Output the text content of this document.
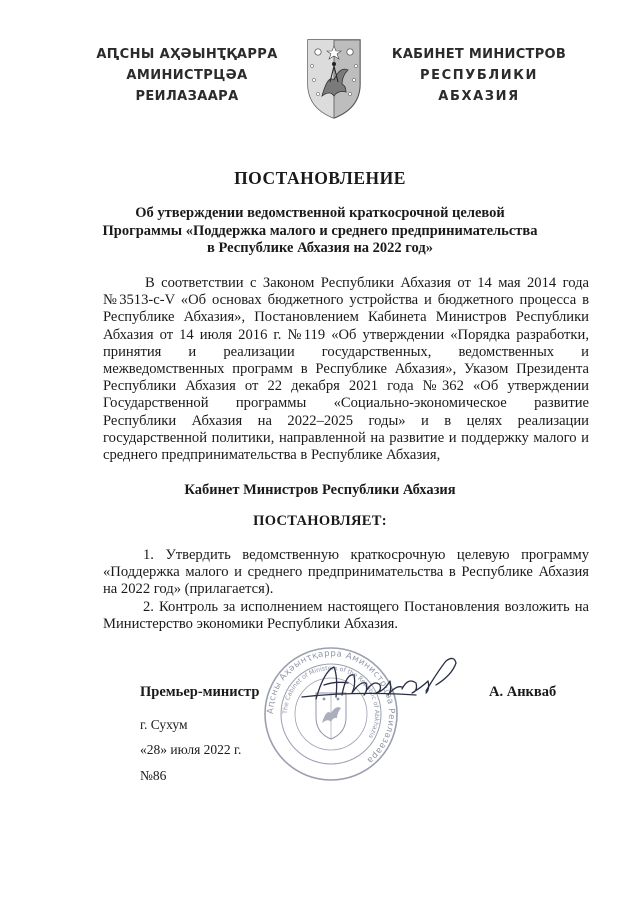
АԤСНЫ АҲӘЫНҬҚАРРА
АМИНИСТРЦӘА РЕИЛАЗААРА
КАБИНЕТ МИНИСТРОВ
РЕСПУБЛИКИ АБХАЗИЯ
ПОСТАНОВЛЕНИЕ
Об утверждении ведомственной краткосрочной целевой
Программы «Поддержка малого и среднего предпринимательства
в Республике Абхазия на 2022 год»

В соответствии с Законом Республики Абхазия от 14 мая 2014 года №3513-с-V «Об основах бюджетного устройства и бюджетного процесса в Республике Абхазия», Постановлением Кабинета Министров Республики Абхазия от 14 июля 2016 г. №119 «Об утверждении «Порядка разработки, принятия и реализации государственных, ведомственных и межведомственных программ в Республике Абхазия», Указом Президента Республики Абхазия от 22 декабря 2021 года №362 «Об утверждении Государственной программы «Социально-экономическое развитие Республики Абхазия на 2022–2025 годы» и в целях реализации государственной политики, направленной на развитие и поддержку малого и среднего предпринимательства в Республике Абхазия,

Кабинет Министров Республики Абхазия
ПОСТАНОВЛЯЕТ:

1. Утвердить ведомственную краткосрочную целевую программу «Поддержка малого и среднего предпринимательства в Республике Абхазия на 2022 год» (прилагается).

2. Контроль за исполнением настоящего Постановления возложить на Министерство экономики Республики Абхазия.

Аԥсны Аҳәынҭқарра Аминистрцәа Реилазаара
The Cabinet of Ministers of the Republic of Abkhazia
Премьер-министр	А. Анкваб
г. Сухум
«28» июля 2022 г.
№86
